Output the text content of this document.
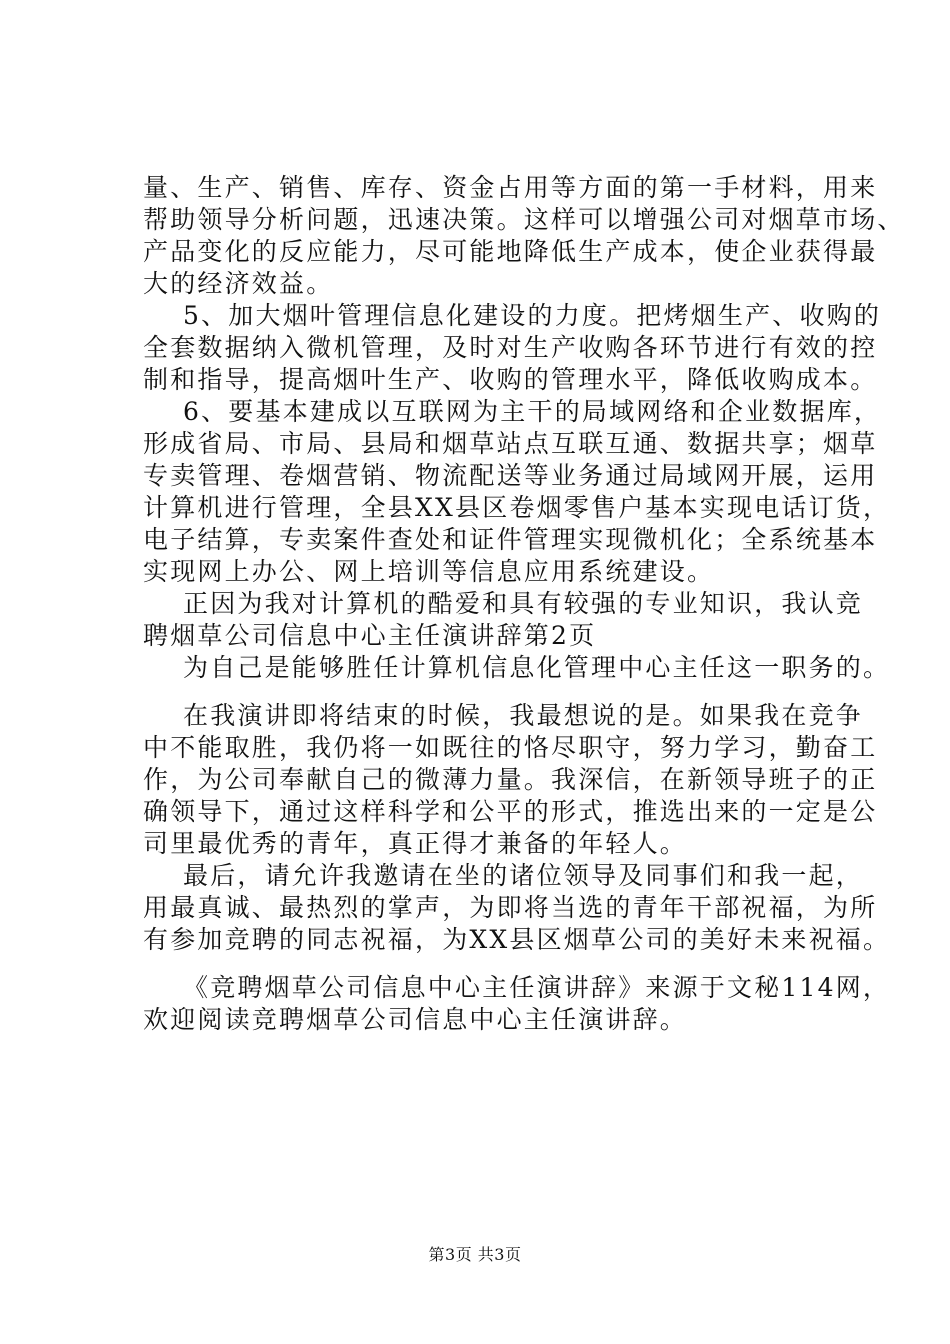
量、生产、销售、库存、资金占用等方面的第一手材料，用来
帮助领导分析问题，迅速决策。这样可以增强公司对烟草市场、
产品变化的反应能力，尽可能地降低生产成本，使企业获得最
大的经济效益。
5、加大烟叶管理信息化建设的力度。把烤烟生产、收购的
全套数据纳入微机管理，及时对生产收购各环节进行有效的控
制和指导，提高烟叶生产、收购的管理水平，降低收购成本。
6、要基本建成以互联网为主干的局域网络和企业数据库，
形成省局、市局、县局和烟草站点互联互通、数据共享；烟草
专卖管理、卷烟营销、物流配送等业务通过局域网开展，运用
计算机进行管理，全县XX县区卷烟零售户基本实现电话订货，
电子结算，专卖案件查处和证件管理实现微机化；全系统基本
实现网上办公、网上培训等信息应用系统建设。
正因为我对计算机的酷爱和具有较强的专业知识，我认竞
聘烟草公司信息中心主任演讲辞第2页
为自己是能够胜任计算机信息化管理中心主任这一职务的。
在我演讲即将结束的时候，我最想说的是。如果我在竞争
中不能取胜，我仍将一如既往的恪尽职守，努力学习，勤奋工
作，为公司奉献自己的微薄力量。我深信，在新领导班子的正
确领导下，通过这样科学和公平的形式，推选出来的一定是公
司里最优秀的青年，真正得才兼备的年轻人。
最后，请允许我邀请在坐的诸位领导及同事们和我一起，
用最真诚、最热烈的掌声，为即将当选的青年干部祝福，为所
有参加竞聘的同志祝福，为XX县区烟草公司的美好未来祝福。
《竞聘烟草公司信息中心主任演讲辞》来源于文秘114网，
欢迎阅读竞聘烟草公司信息中心主任演讲辞。
第3页 共3页
